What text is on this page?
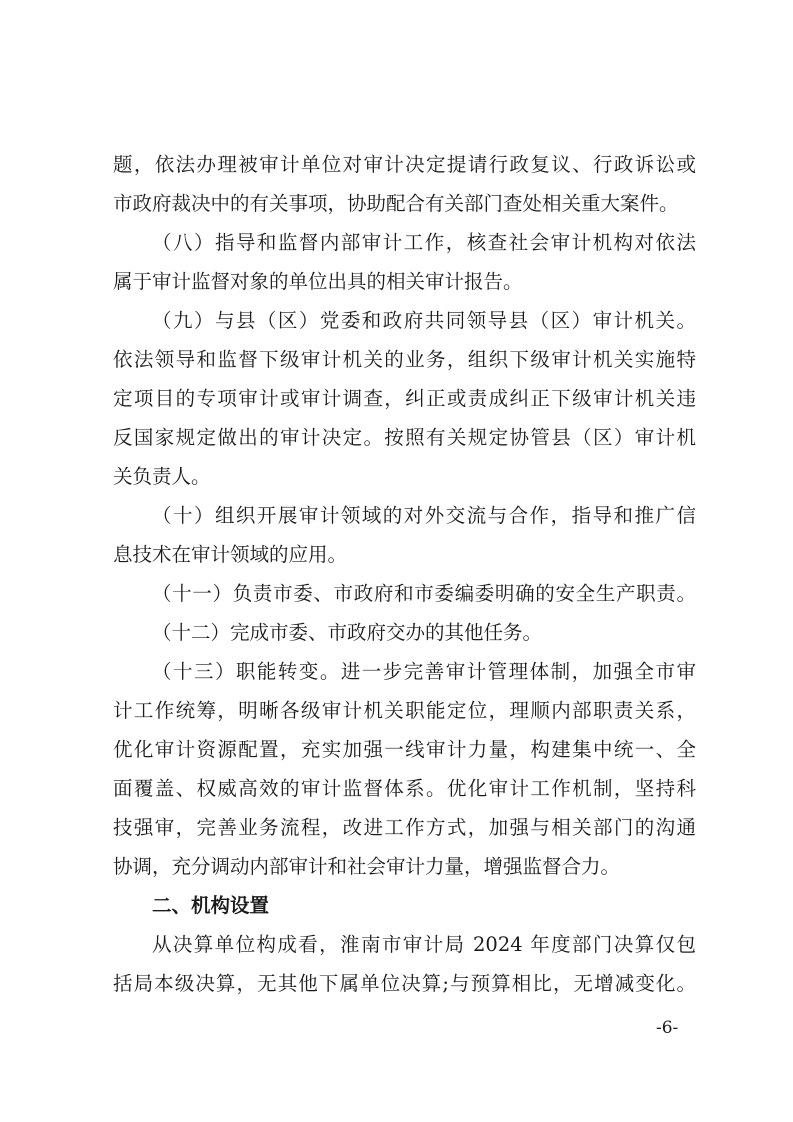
题，依法办理被审计单位对审计决定提请行政复议、行政诉讼或
市政府裁决中的有关事项，协助配合有关部门查处相关重大案件。
（八）指导和监督内部审计工作，核查社会审计机构对依法
属于审计监督对象的单位出具的相关审计报告。
（九）与县（区）党委和政府共同领导县（区）审计机关。
依法领导和监督下级审计机关的业务，组织下级审计机关实施特
定项目的专项审计或审计调查，纠正或责成纠正下级审计机关违
反国家规定做出的审计决定。按照有关规定协管县（区）审计机
关负责人。
（十）组织开展审计领域的对外交流与合作，指导和推广信
息技术在审计领域的应用。
（十一）负责市委、市政府和市委编委明确的安全生产职责。
（十二）完成市委、市政府交办的其他任务。
（十三）职能转变。进一步完善审计管理体制，加强全市审
计工作统筹，明晰各级审计机关职能定位，理顺内部职责关系，
优化审计资源配置，充实加强一线审计力量，构建集中统一、全
面覆盖、权威高效的审计监督体系。优化审计工作机制，坚持科
技强审，完善业务流程，改进工作方式，加强与相关部门的沟通
协调，充分调动内部审计和社会审计力量，增强监督合力。
二、机构设置
从决算单位构成看，淮南市审计局 2024 年度部门决算仅包
括局本级决算，无其他下属单位决算;与预算相比，无增减变化。
-6-
